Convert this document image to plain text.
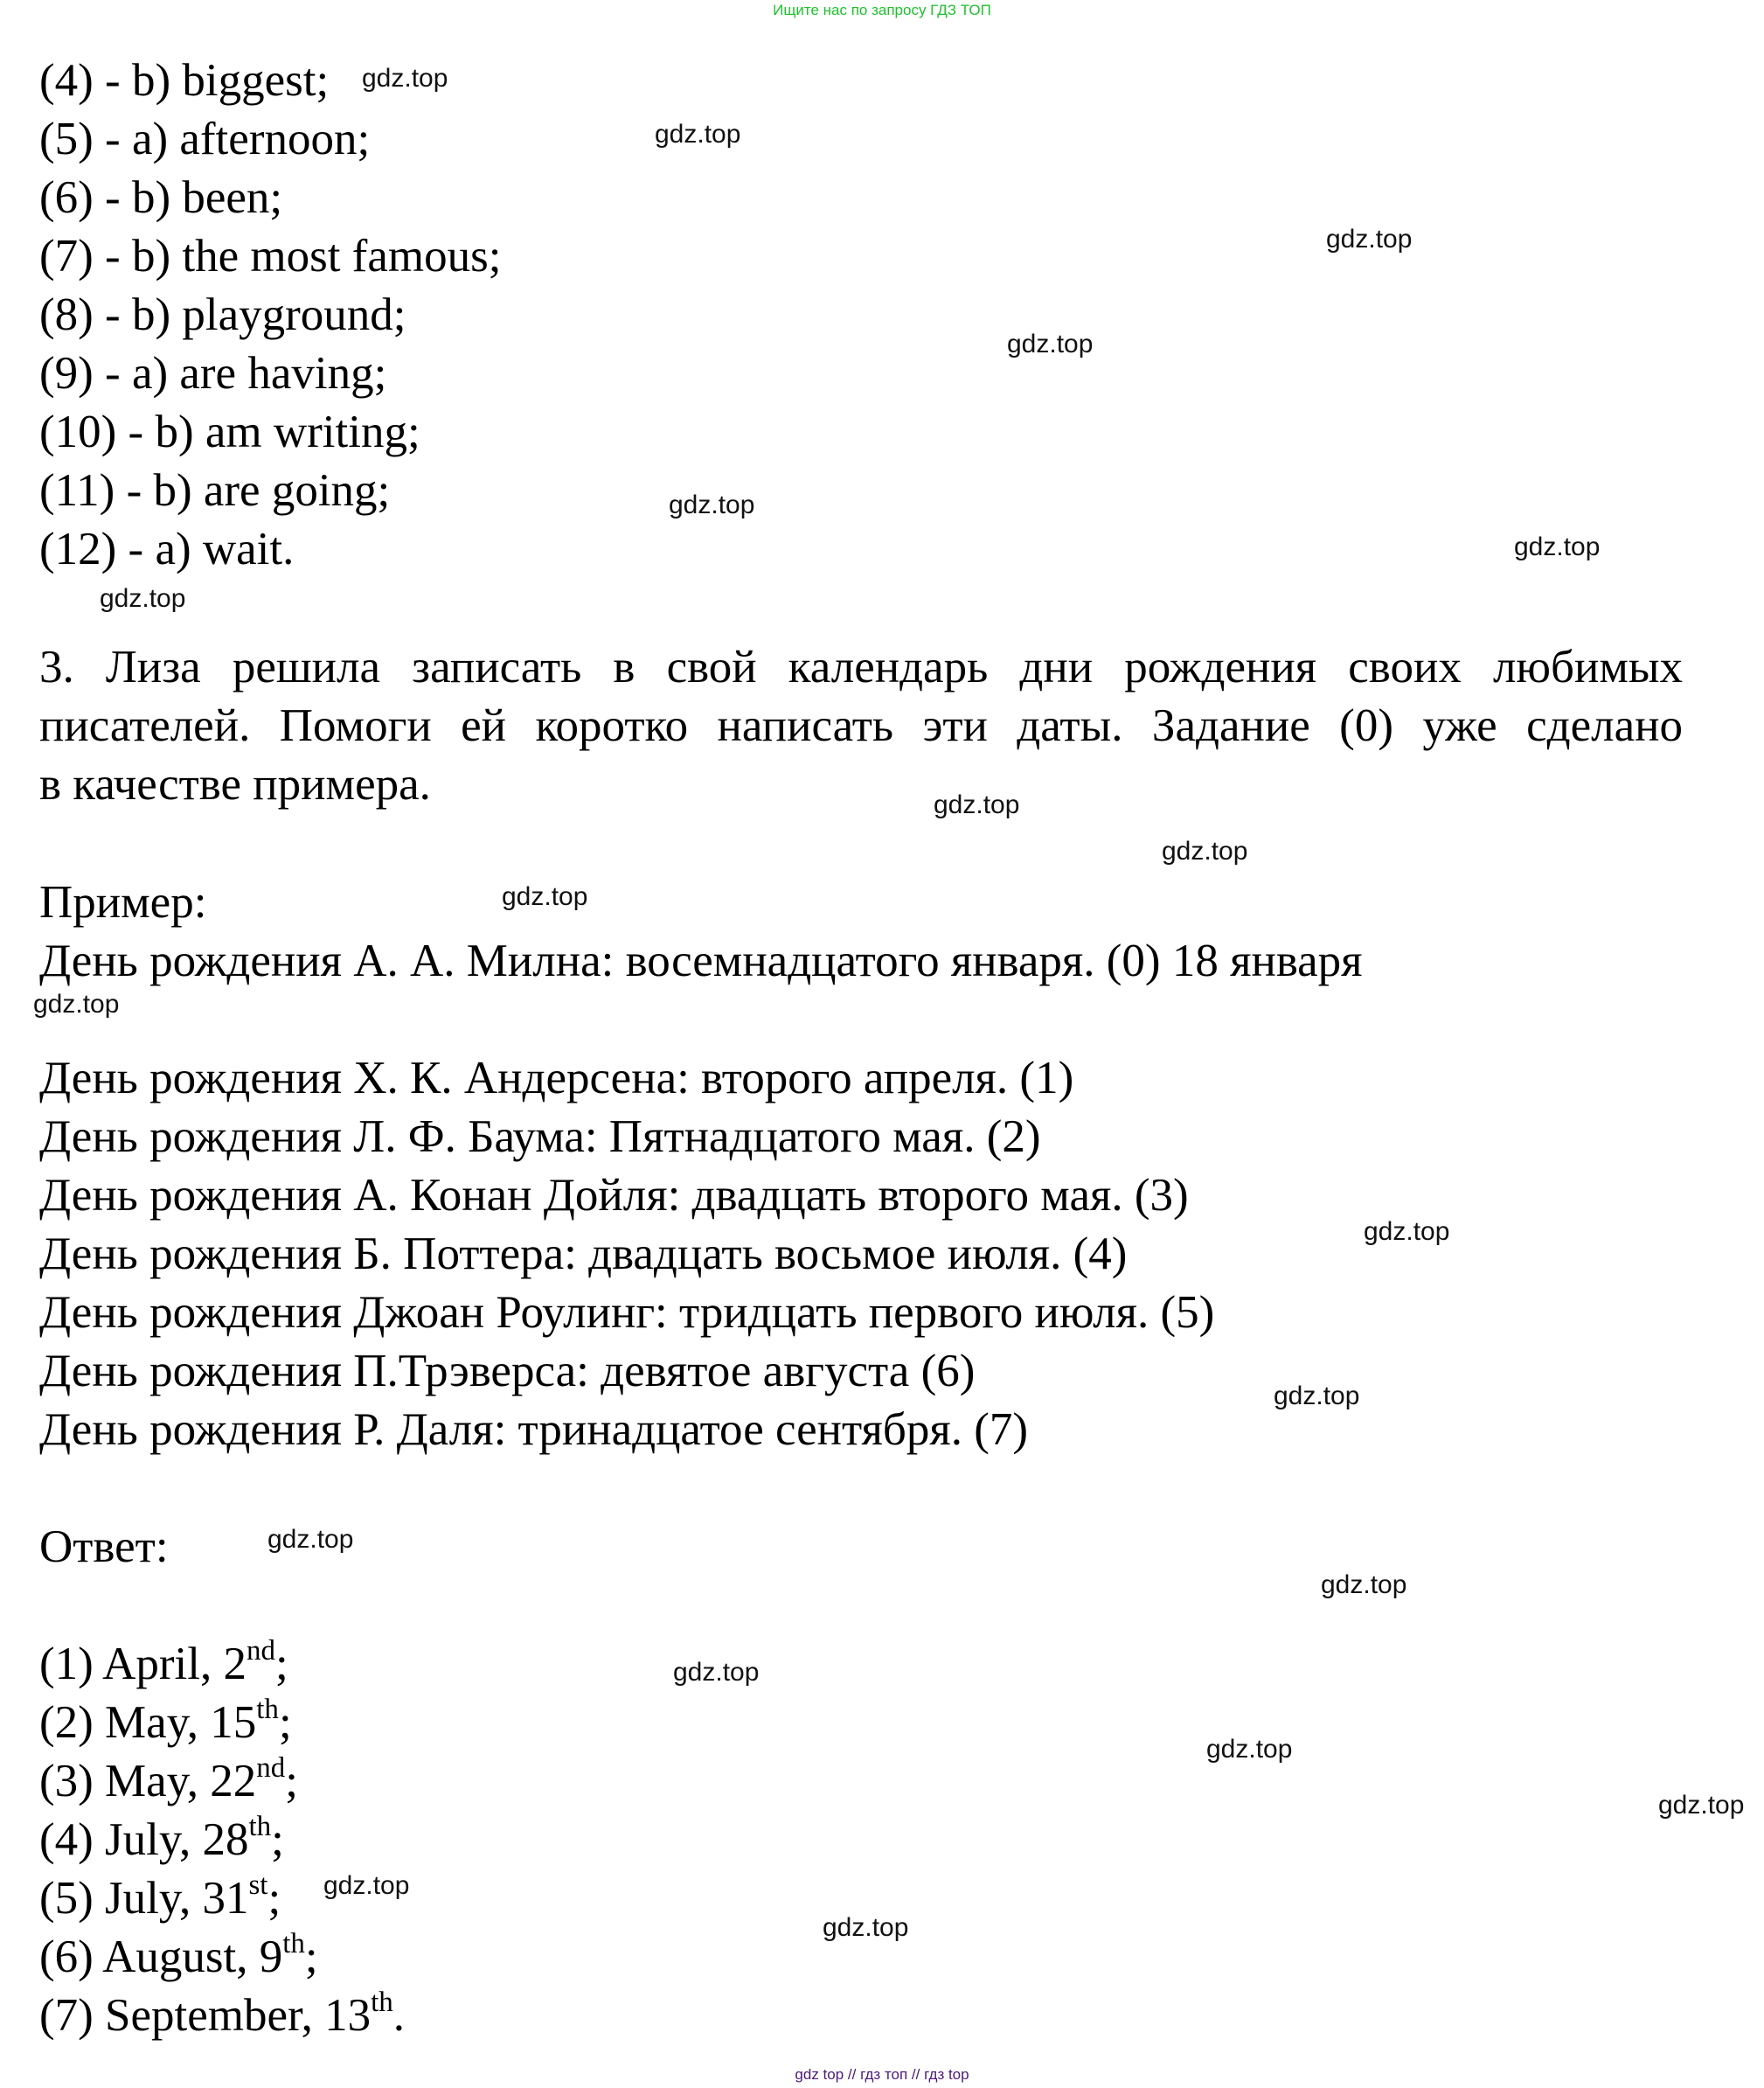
Ищите нас по запросу ГДЗ ТОП
(4) - b) biggest;
(5) - a) afternoon;
(6) - b) been;
(7) - b) the most famous;
(8) - b) playground;
(9) - a) are having;
(10) - b) am writing;
(11) - b) are going;
(12) - a) wait.
3. Лиза решила записать в свой календарь дни рождения своих любимых
писателей. Помоги ей коротко написать эти даты. Задание (0) уже сделано
в качестве примера.
Пример:
День рождения А. А. Милна: восемнадцатого января. (0) 18 января
День рождения Х. К. Андерсена: второго апреля. (1)
День рождения Л. Ф. Баума: Пятнадцатого мая. (2)
День рождения А. Конан Дойля: двадцать второго мая. (3)
День рождения Б. Поттера: двадцать восьмое июля. (4)
День рождения Джоан Роулинг: тридцать первого июля. (5)
День рождения П.Трэверса: девятое августа (6)
День рождения Р. Даля: тринадцатое сентября. (7)
Ответ:
(1) April, 2nd;
(2) May, 15th;
(3) May, 22nd;
(4) July, 28th;
(5) July, 31st;
(6) August, 9th;
(7) September, 13th.
gdz.top
gdz.top
gdz.top
gdz.top
gdz.top
gdz.top
gdz.top
gdz.top
gdz.top
gdz.top
gdz.top
gdz.top
gdz.top
gdz.top
gdz.top
gdz.top
gdz.top
gdz.top
gdz.top
gdz.top
gdz top // гдз топ // гдз top
